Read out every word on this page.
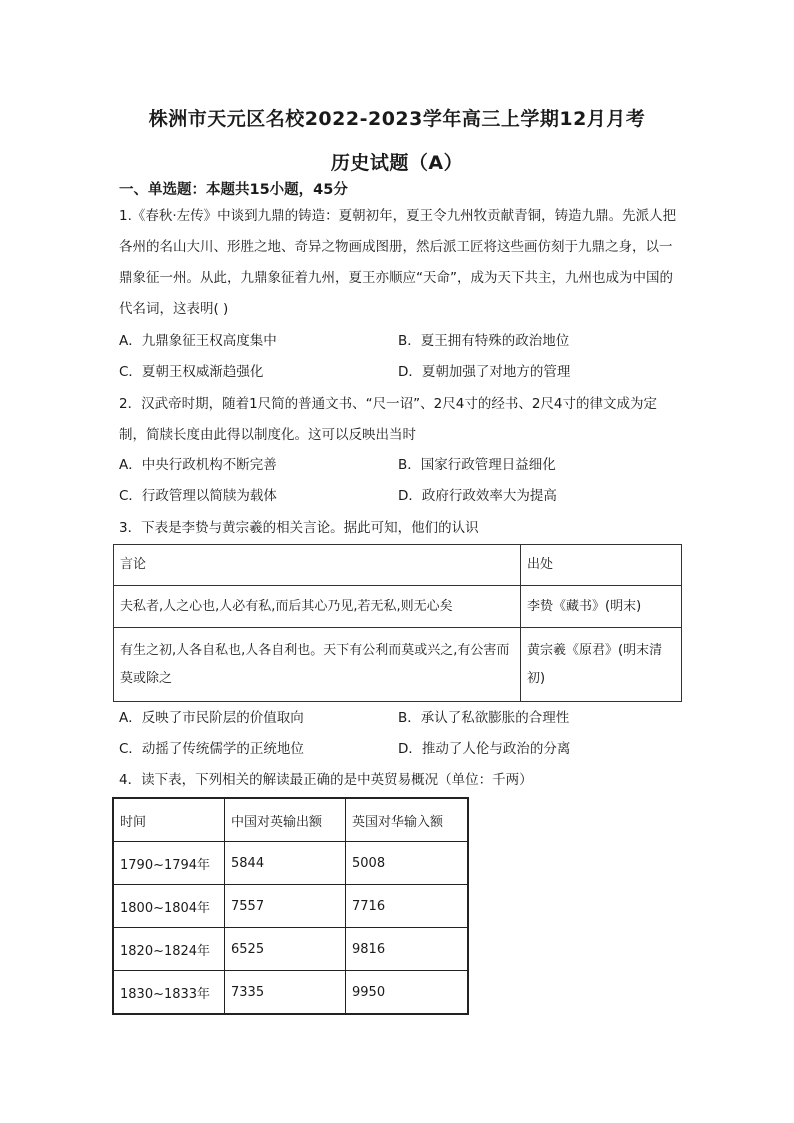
株洲市天元区名校2022-2023学年高三上学期12月月考
历史试题（A）
一、单选题：本题共15小题，45分
1.《春秋·左传》中谈到九鼎的铸造：夏朝初年，夏王令九州牧贡献青铜，铸造九鼎。先派人把各州的名山大川、形胜之地、奇异之物画成图册，然后派工匠将这些画仿刻于九鼎之身，以一鼎象征一州。从此，九鼎象征着九州，夏王亦顺应“天命”，成为天下共主，九州也成为中国的代名词，这表明( )
A．九鼎象征王权高度集中	B．夏王拥有特殊的政治地位
C．夏朝王权威渐趋强化	D．夏朝加强了对地方的管理
2．汉武帝时期，随着1尺简的普通文书、“尺一诏”、2尺4寸的经书、2尺4寸的律文成为定制，简牍长度由此得以制度化。这可以反映出当时
A．中央行政机构不断完善	B．国家行政管理日益细化
C．行政管理以简牍为载体	D．政府行政效率大为提高
3．下表是李贽与黄宗羲的相关言论。据此可知，他们的认识
言论	出处
夫私者,人之心也,人必有私,而后其心乃见,若无私,则无心矣	李贽《藏书》(明末)
有生之初,人各自私也,人各自利也。天下有公利而莫或兴之,有公害而莫或除之	黄宗羲《原君》(明末清初)
A．反映了市民阶层的价值取向	B．承认了私欲膨胀的合理性
C．动摇了传统儒学的正统地位	D．推动了人伦与政治的分离
4．读下表，下列相关的解读最正确的是中英贸易概况（单位：千两）
时间	中国对英输出额	英国对华输入额
1790~1794年	5844	5008
1800~1804年	7557	7716
1820~1824年	6525	9816
1830~1833年	7335	9950
